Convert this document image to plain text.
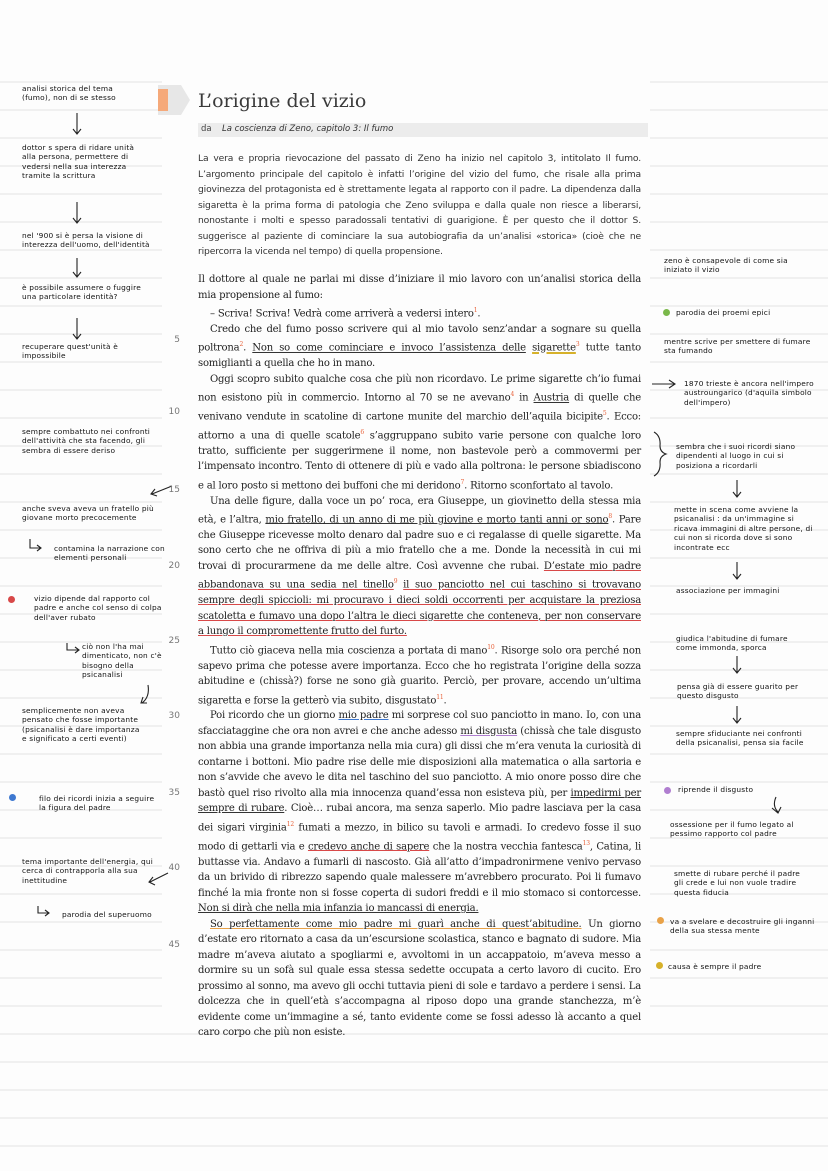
L’origine del vizio
da La coscienza di Zeno, capitolo 3: Il fumo
La vera e propria rievocazione del passato di Zeno ha inizio nel capitolo 3, intitolato Il fumo. L’argomento principale del capitolo è infatti l’origine del vizio del fumo, che risale alla prima giovinezza del protagonista ed è strettamente legata al rapporto con il padre. La dipendenza dalla sigaretta è la prima forma di patologia che Zeno sviluppa e dalla quale non riesce a liberarsi, nonostante i molti e spesso paradossali tentativi di guarigione. È per questo che il dottor S. suggerisce al paziente di cominciare la sua autobiografia da un’analisi «storica» (cioè che ne ripercorra la vicenda nel tempo) di quella propensione.
5
10
15
20
25
30
35
40
45

Il dottore al quale ne parlai mi disse d’iniziare il mio lavoro con un’analisi storica della mia propensione al fumo:

– Scriva! Scriva! Vedrà come arriverà a vedersi intero$^1$.

Credo che del fumo posso scrivere qui al mio tavolo senz’andar a sognare su quella poltrona$^2$. Non so come cominciare e invoco l’assistenza delle sigarette$^3$ tutte tanto somiglianti a quella che ho in mano.

Oggi scopro subito qualche cosa che più non ricordavo. Le prime sigarette ch’io fumai non esistono più in commercio. Intorno al 70 se ne avevano$^4$ in Austria di quelle che venivano vendute in scatoline di cartone munite del marchio dell’aquila bicipite$^5$. Ecco: attorno a una di quelle scatole$^6$ s’aggruppano subito varie persone con qualche loro tratto, sufficiente per suggerirmene il nome, non bastevole però a commovermi per l’impensato incontro. Tento di ottenere di più e vado alla poltrona: le persone sbiadiscono e al loro posto si mettono dei buffoni che mi deridono$^7$. Ritorno sconfortato al tavolo.

Una delle figure, dalla voce un po’ roca, era Giuseppe, un giovinetto della stessa mia età, e l’altra, mio fratello, di un anno di me più giovine e morto tanti anni or sono$^8$. Pare che Giuseppe ricevesse molto denaro dal padre suo e ci regalasse di quelle sigarette. Ma sono certo che ne offriva di più a mio fratello che a me. Donde la necessità in cui mi trovai di procurarmene da me delle altre. Così avvenne che rubai. D’estate mio padre abbandonava su una sedia nel tinello$^9$ il suo panciotto nel cui taschino si trovavano sempre degli spiccioli: mi procuravo i dieci soldi occorrenti per acquistare la preziosa scatoletta e fumavo una dopo l’altra le dieci sigarette che conteneva, per non conservare a lungo il compromettente frutto del furto.

Tutto ciò giaceva nella mia coscienza a portata di mano$^{10}$. Risorge solo ora perché non sapevo prima che potesse avere importanza. Ecco che ho registrata l’origine della sozza abitudine e (chissà?) forse ne sono già guarito. Perciò, per provare, accendo un’ultima sigaretta e forse la getterò via subito, disgustato$^{11}$.

Poi ricordo che un giorno mio padre mi sorprese col suo panciotto in mano. Io, con una sfacciataggine che ora non avrei e che anche adesso mi disgusta (chissà che tale disgusto non abbia una grande importanza nella mia cura) gli dissi che m’era venuta la curiosità di contarne i bottoni. Mio padre rise delle mie disposizioni alla matematica o alla sartoria e non s’avvide che avevo le dita nel taschino del suo panciotto. A mio onore posso dire che bastò quel riso rivolto alla mia innocenza quand’essa non esisteva più, per impedirmi per sempre di rubare. Cioè… rubai ancora, ma senza saperlo. Mio padre lasciava per la casa dei sigari virginia$^{12}$ fumati a mezzo, in bilico su tavoli e armadi. Io credevo fosse il suo modo di gettarli via e credevo anche di sapere che la nostra vecchia fantesca$^{13}$, Catina, li buttasse via. Andavo a fumarli di nascosto. Già all’atto d’impadronirmene venivo pervaso da un brivido di ribrezzo sapendo quale malessere m’avrebbero procurato. Poi li fumavo finché la mia fronte non si fosse coperta di sudori freddi e il mio stomaco si contorcesse. Non si dirà che nella mia infanzia io mancassi di energia.

So perfettamente come mio padre mi guarì anche di quest’abitudine. Un giorno d’estate ero ritornato a casa da un’escursione scolastica, stanco e bagnato di sudore. Mia madre m’aveva aiutato a spogliarmi e, avvoltomi in un accappatoio, m’aveva messo a dormire su un sofà sul quale essa stessa sedette occupata a certo lavoro di cucito. Ero prossimo al sonno, ma avevo gli occhi tuttavia pieni di sole e tardavo a perdere i sensi. La dolcezza che in quell’età s’accompagna al riposo dopo una grande stanchezza, m’è evidente come un’immagine a sé, tanto evidente come se fossi adesso là accanto a quel caro corpo che più non esiste.

analisi storica del tema (fumo), non di se stesso
dottor s spera di ridare unità alla persona, permettere di vedersi nella sua interezza tramite la scrittura
nel '900 si è persa la visione di interezza dell'uomo, dell'identità
è possibile assumere o fuggire una particolare identità?
recuperare quest'unità è impossibile
sempre combattuto nei confronti dell'attività che sta facendo, gli sembra di essere deriso
anche sveva aveva un fratello più giovane morto precocemente
contamina la narrazione con elementi personali
vizio dipende dal rapporto col padre e anche col senso di colpa dell'aver rubato
ciò non l'ha mai dimenticato, non c'è bisogno della psicanalisi
semplicemente non aveva pensato che fosse importante (psicanalisi è dare importanza e significato a certi eventi)
filo dei ricordi inizia a seguire la figura del padre
tema importante dell'energia, qui cerca di contrapporla alla sua inettitudine
parodia del superuomo
zeno è consapevole di come sia iniziato il vizio
parodia dei proemi epici
mentre scrive per smettere di fumare sta fumando
1870 trieste è ancora nell'impero austroungarico (d'aquila simbolo dell'impero)
sembra che i suoi ricordi siano dipendenti al luogo in cui si posiziona a ricordarli
mette in scena come avviene la psicanalisi : da un'immagine si ricava immagini di altre persone, di cui non si ricorda dove si sono incontrate ecc
associazione per immagini
giudica l'abitudine di fumare come immonda, sporca
pensa già di essere guarito per questo disgusto
sempre sfiduciante nei confronti della psicanalisi, pensa sia facile
riprende il disgusto
ossessione per il fumo legato al pessimo rapporto col padre
smette di rubare perché il padre gli crede e lui non vuole tradire questa fiducia
va a svelare e decostruire gli inganni della sua stessa mente
causa è sempre il padre
